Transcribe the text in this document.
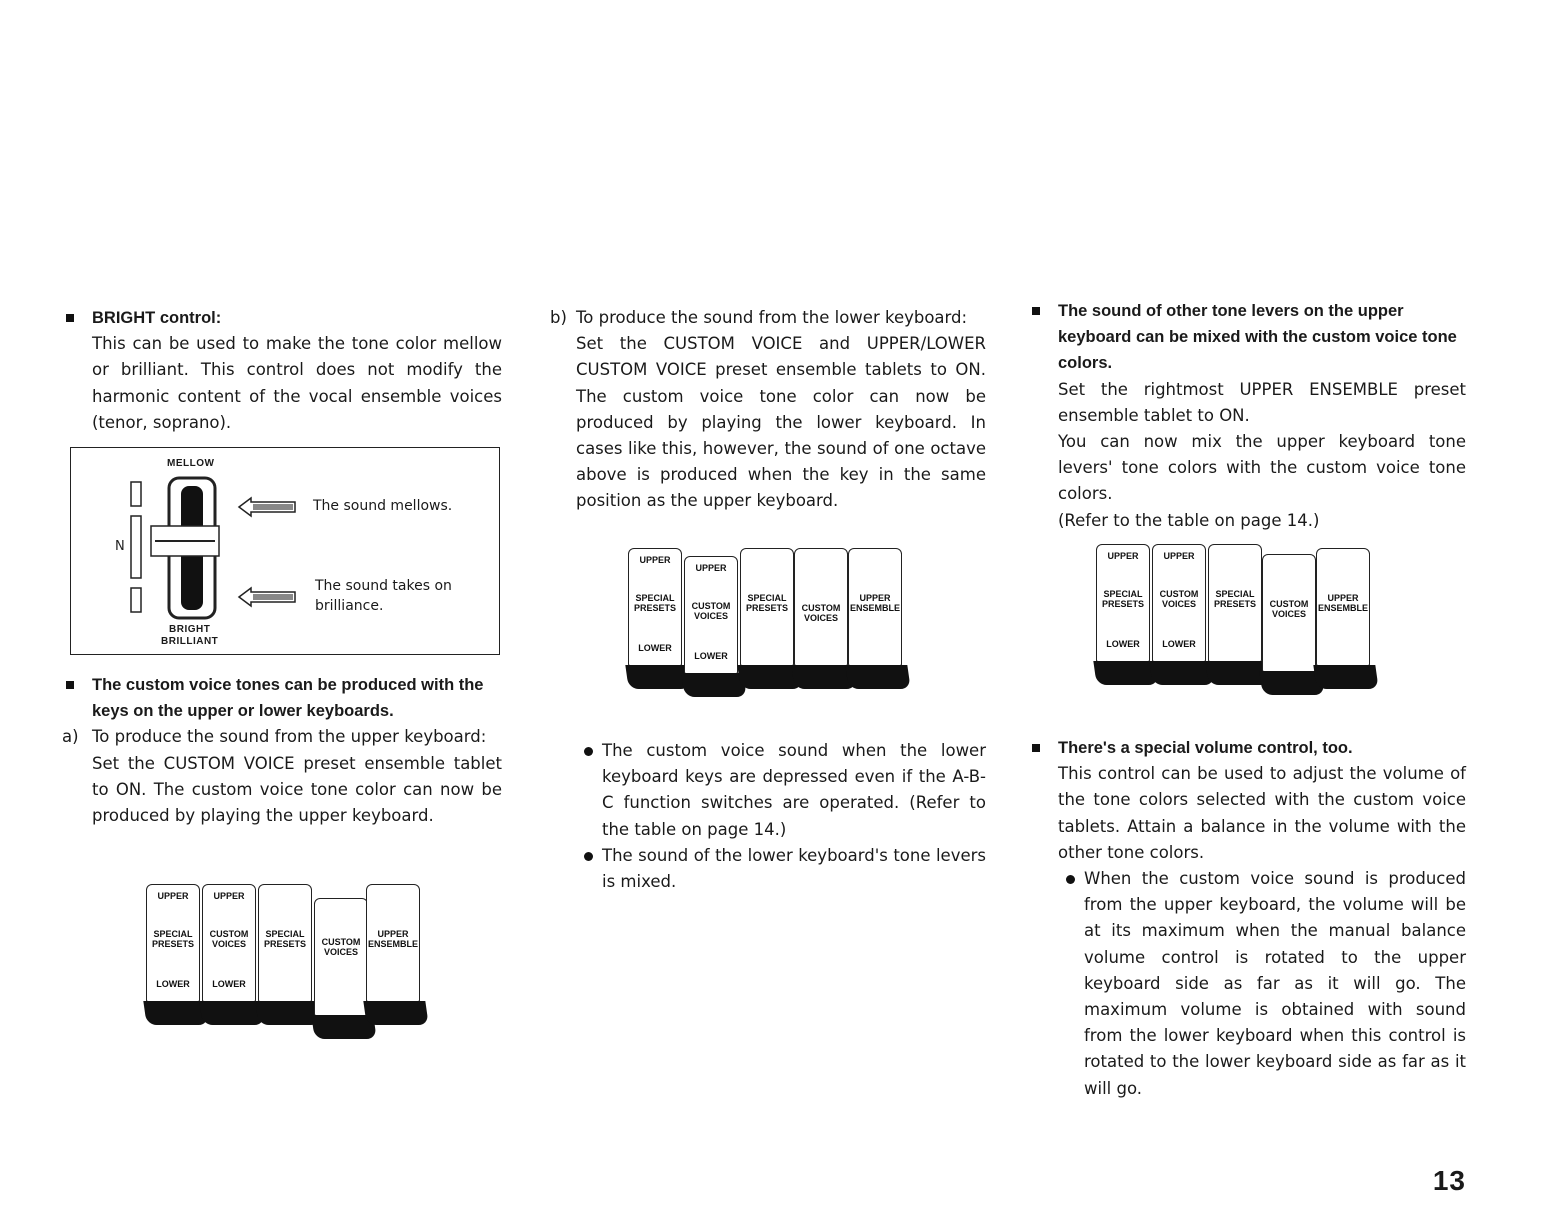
BRIGHT control:

This can be used to make the tone color mellow or brilliant. This control does not modify the harmonic content of the vocal ensemble voices (tenor, soprano).

MELLOW
N
BRIGHT
BRILLIANT
The sound mellows.
The sound takes on
brilliance.
The custom voice tones can be produced with the keys on the upper or lower keyboards.
a) To produce the sound from the upper keyboard:

Set the CUSTOM VOICE preset ensemble tablet to ON. The custom voice tone color can now be produced by playing the upper keyboard.

UPPER
SPECIAL
PRESETS
LOWER
UPPER
CUSTOM
VOICES
LOWER
SPECIAL
PRESETS	CUSTOM
VOICES
UPPER
ENSEMBLE
b) To produce the sound from the lower keyboard:

Set the CUSTOM VOICE and UPPER/LOWER CUSTOM VOICE preset ensemble tablets to ON. The custom voice tone color can now be produced by playing the lower keyboard. In cases like this, however, the sound of one octave above is produced when the key in the same position as the upper keyboard.

UPPER
SPECIAL
PRESETS
LOWER
UPPER
CUSTOM
VOICES
LOWER
SPECIAL
PRESETS	CUSTOM
VOICES
UPPER
ENSEMBLE

The custom voice sound when the lower keyboard keys are depressed even if the A-B-C function switches are operated. (Refer to the table on page 14.)

The sound of the lower keyboard's tone levers is mixed.

The sound of other tone levers on the upper keyboard can be mixed with the custom voice tone colors.

Set the rightmost UPPER ENSEMBLE preset ensemble tablet to ON.

You can now mix the upper keyboard tone levers' tone colors with the custom voice tone colors.

(Refer to the table on page 14.)

UPPER
SPECIAL
PRESETS
LOWER
UPPER
CUSTOM
VOICES
LOWER
SPECIAL
PRESETS	CUSTOM
VOICES
UPPER
ENSEMBLE
There's a special volume control, too.

This control can be used to adjust the volume of the tone colors selected with the custom voice tablets. Attain a balance in the volume with the other tone colors.

When the custom voice sound is produced from the upper keyboard, the volume will be at its maximum when the manual balance volume control is rotated to the upper keyboard side as far as it will go. The maximum volume is obtained with sound from the lower keyboard when this control is rotated to the lower keyboard side as far as it will go.

13
